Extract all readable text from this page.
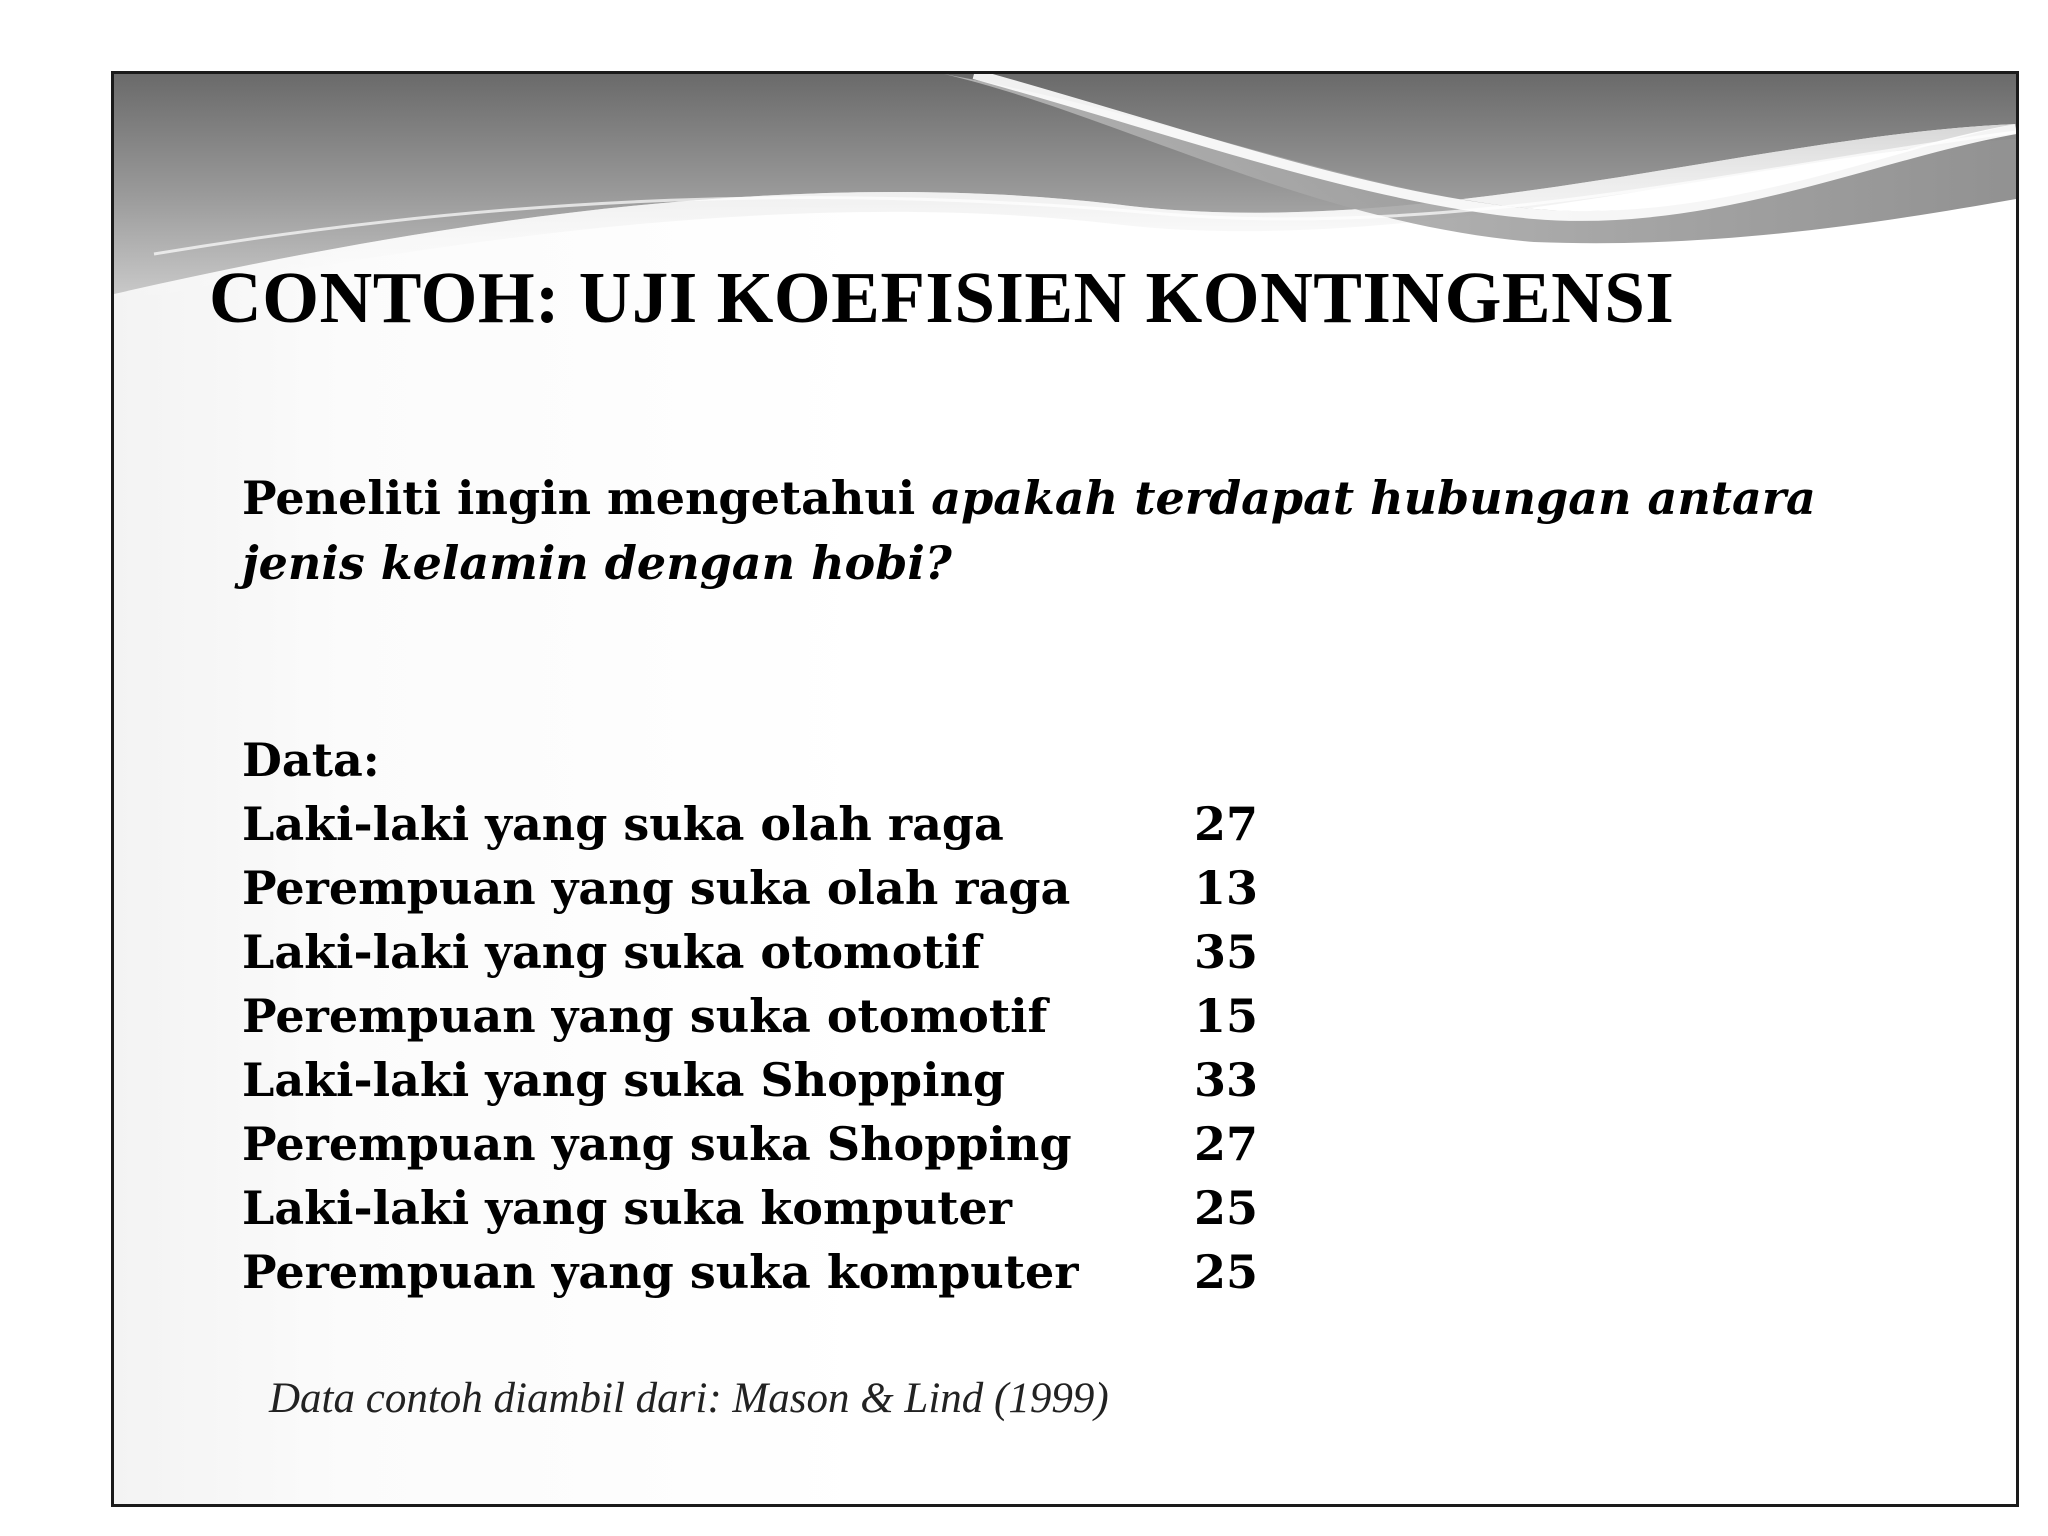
CONTOH: UJI KOEFISIEN KONTINGENSI

Peneliti ingin mengetahui apakah terdapat hubungan antara jenis kelamin dengan hobi?

Data:
Laki-laki yang suka olah raga	27
Perempuan yang suka olah raga	13
Laki-laki yang suka otomotif	35
Perempuan yang suka otomotif	15
Laki-laki yang suka Shopping	33
Perempuan yang suka Shopping	27
Laki-laki yang suka komputer	25
Perempuan yang suka komputer	25

Data contoh diambil dari: Mason & Lind (1999)
